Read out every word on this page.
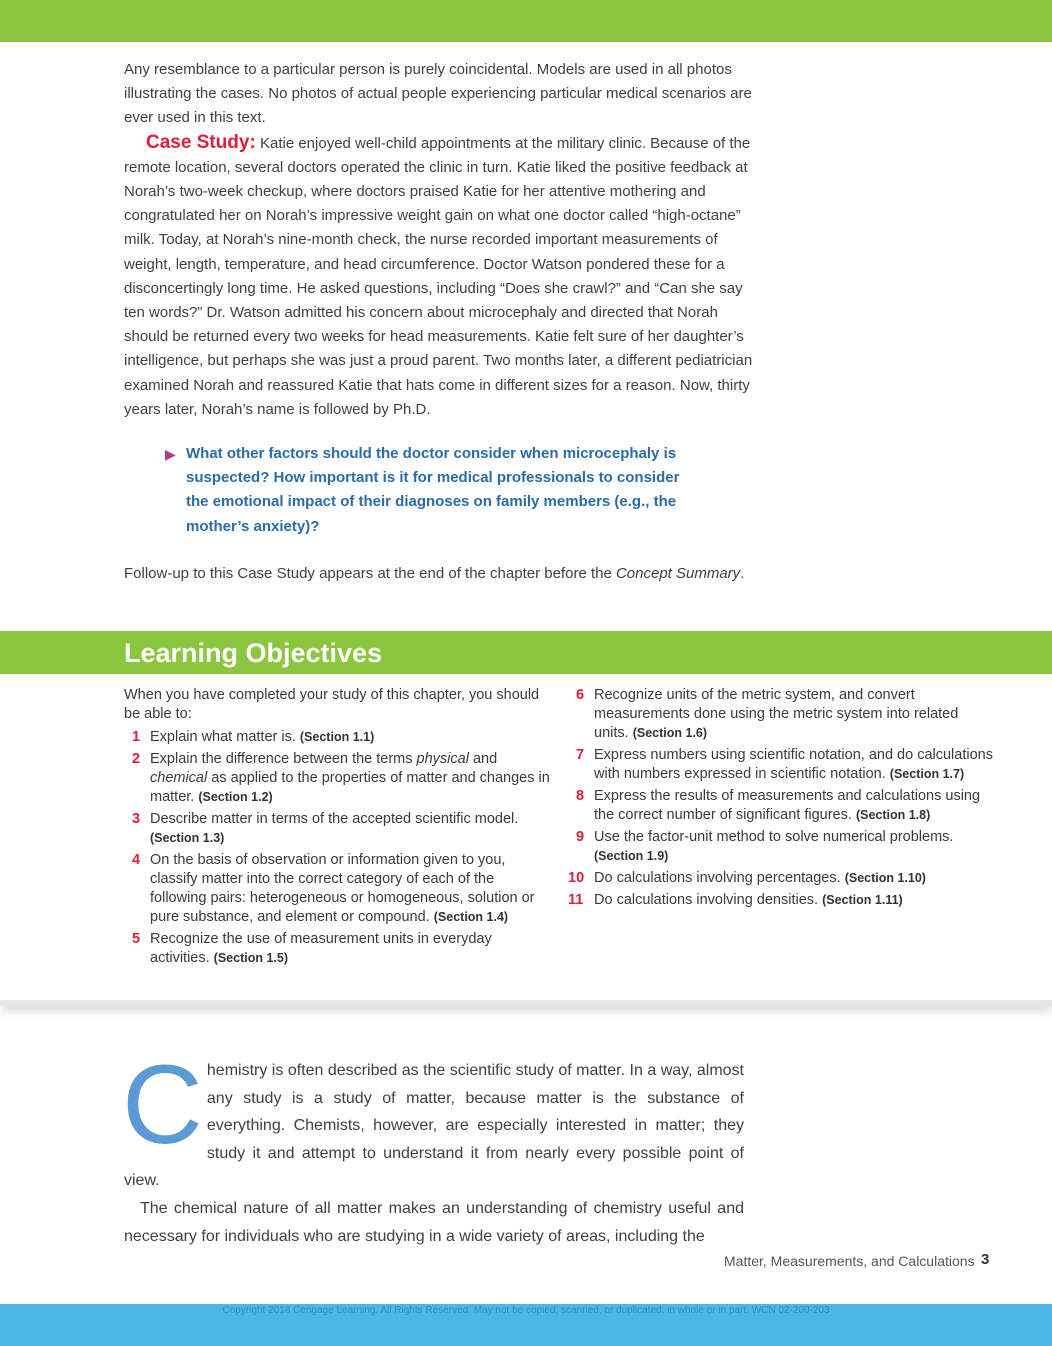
Any resemblance to a particular person is purely coincidental. Models are used in all photos illustrating the cases. No photos of actual people experiencing particular medical scenarios are ever used in this text.
Case Study: Katie enjoyed well-child appointments at the military clinic. Because of the remote location, several doctors operated the clinic in turn. Katie liked the positive feedback at Norah’s two-week checkup, where doctors praised Katie for her attentive mothering and congratulated her on Norah’s impressive weight gain on what one doctor called “high-octane” milk. Today, at Norah’s nine-month check, the nurse recorded important measurements of weight, length, temperature, and head circumference. Doctor Watson pondered these for a disconcertingly long time. He asked questions, including “Does she crawl?” and “Can she say ten words?” Dr. Watson admitted his concern about microcephaly and directed that Norah should be returned every two weeks for head measurements. Katie felt sure of her daughter’s intelligence, but perhaps she was just a proud parent. Two months later, a different pediatrician examined Norah and reassured Katie that hats come in different sizes for a reason. Now, thirty years later, Norah’s name is followed by Ph.D.

▶ What other factors should the doctor consider when microcephaly is suspected? How important is it for medical professionals to consider the emotional impact of their diagnoses on family members (e.g., the mother’s anxiety)?
Follow-up to this Case Study appears at the end of the chapter before the Concept Summary.
Learning Objectives

When you have completed your study of this chapter, you should be able to:

1 Explain what matter is. (Section 1.1)
2 Explain the difference between the terms physical and chemical as applied to the properties of matter and changes in matter. (Section 1.2)
3 Describe matter in terms of the accepted scientific model. (Section 1.3)
4 On the basis of observation or information given to you, classify matter into the correct category of each of the following pairs: heterogeneous or homogeneous, solution or pure substance, and element or compound. (Section 1.4)
5 Recognize the use of measurement units in everyday activities. (Section 1.5)
6 Recognize units of the metric system, and convert measurements done using the metric system into related units. (Section 1.6)
7 Express numbers using scientific notation, and do calculations with numbers expressed in scientific notation. (Section 1.7)
8 Express the results of measurements and calculations using the correct number of significant figures. (Section 1.8)
9 Use the factor-unit method to solve numerical problems. (Section 1.9)
10 Do calculations involving percentages. (Section 1.10)
11 Do calculations involving densities. (Section 1.11)
C hemistry is often described as the scientific study of matter. In a way, almost any study is a study of matter, because matter is the substance of everything. Chemists, however, are especially interested in matter; they study it and attempt to understand it from nearly every possible point of view.

The chemical nature of all matter makes an understanding of chemistry useful and necessary for individuals who are studying in a wide variety of areas, including the

Matter, Measurements, and Calculations 3
Copyright 2018 Cengage Learning. All Rights Reserved. May not be copied, scanned, or duplicated, in whole or in part. WCN 02-200-203
